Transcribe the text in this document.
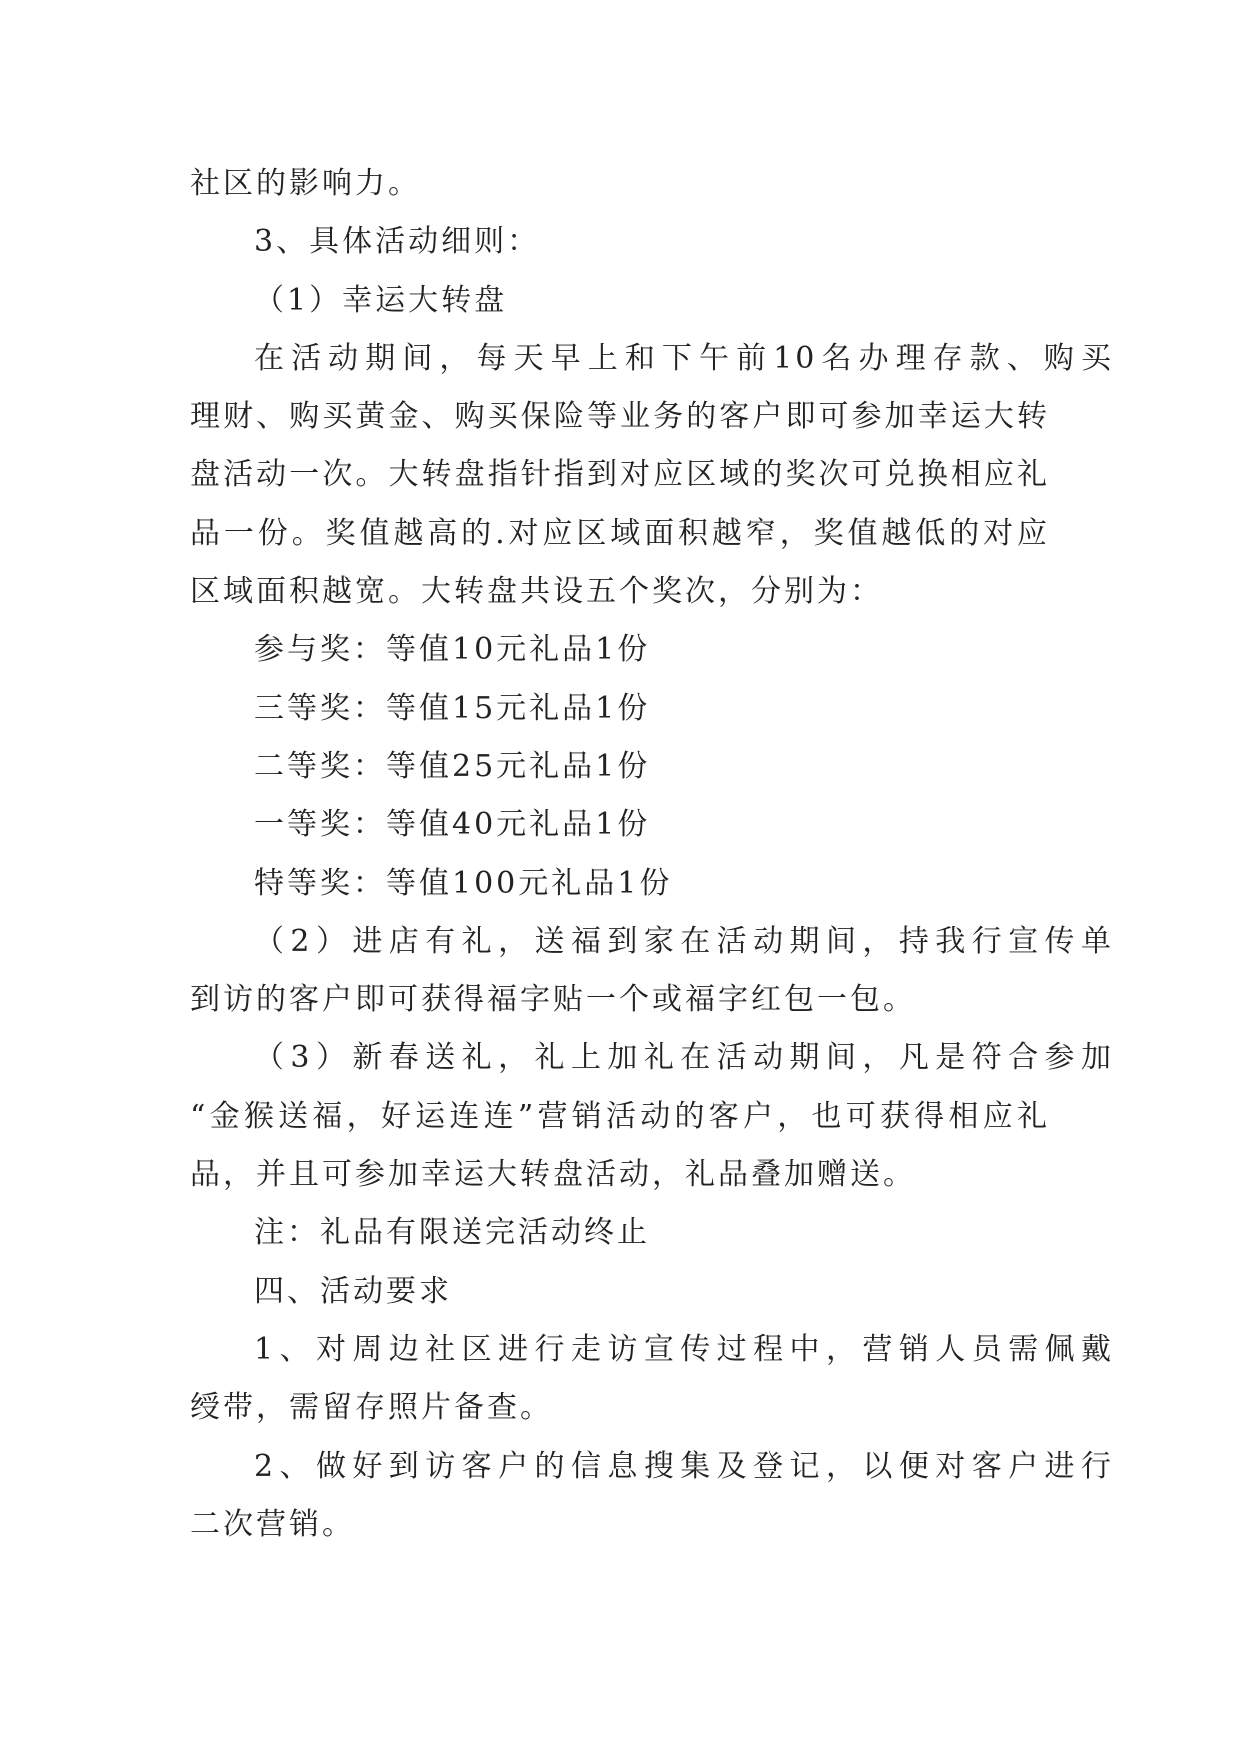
社区的影响力。

3、具体活动细则：

（1）幸运大转盘

在活动期间，每天早上和下午前10名办理存款、购买

理财、购买黄金、购买保险等业务的客户即可参加幸运大转

盘活动一次。大转盘指针指到对应区域的奖次可兑换相应礼

品一份。奖值越高的.对应区域面积越窄，奖值越低的对应

区域面积越宽。大转盘共设五个奖次，分别为：

参与奖：等值10元礼品1份

三等奖：等值15元礼品1份

二等奖：等值25元礼品1份

一等奖：等值40元礼品1份

特等奖：等值100元礼品1份

（2）进店有礼，送福到家在活动期间，持我行宣传单

到访的客户即可获得福字贴一个或福字红包一包。

（3）新春送礼，礼上加礼在活动期间，凡是符合参加

“金猴送福，好运连连”营销活动的客户，也可获得相应礼

品，并且可参加幸运大转盘活动，礼品叠加赠送。

注：礼品有限送完活动终止

四、活动要求

1、对周边社区进行走访宣传过程中，营销人员需佩戴

绶带，需留存照片备查。

2、做好到访客户的信息搜集及登记，以便对客户进行

二次营销。
